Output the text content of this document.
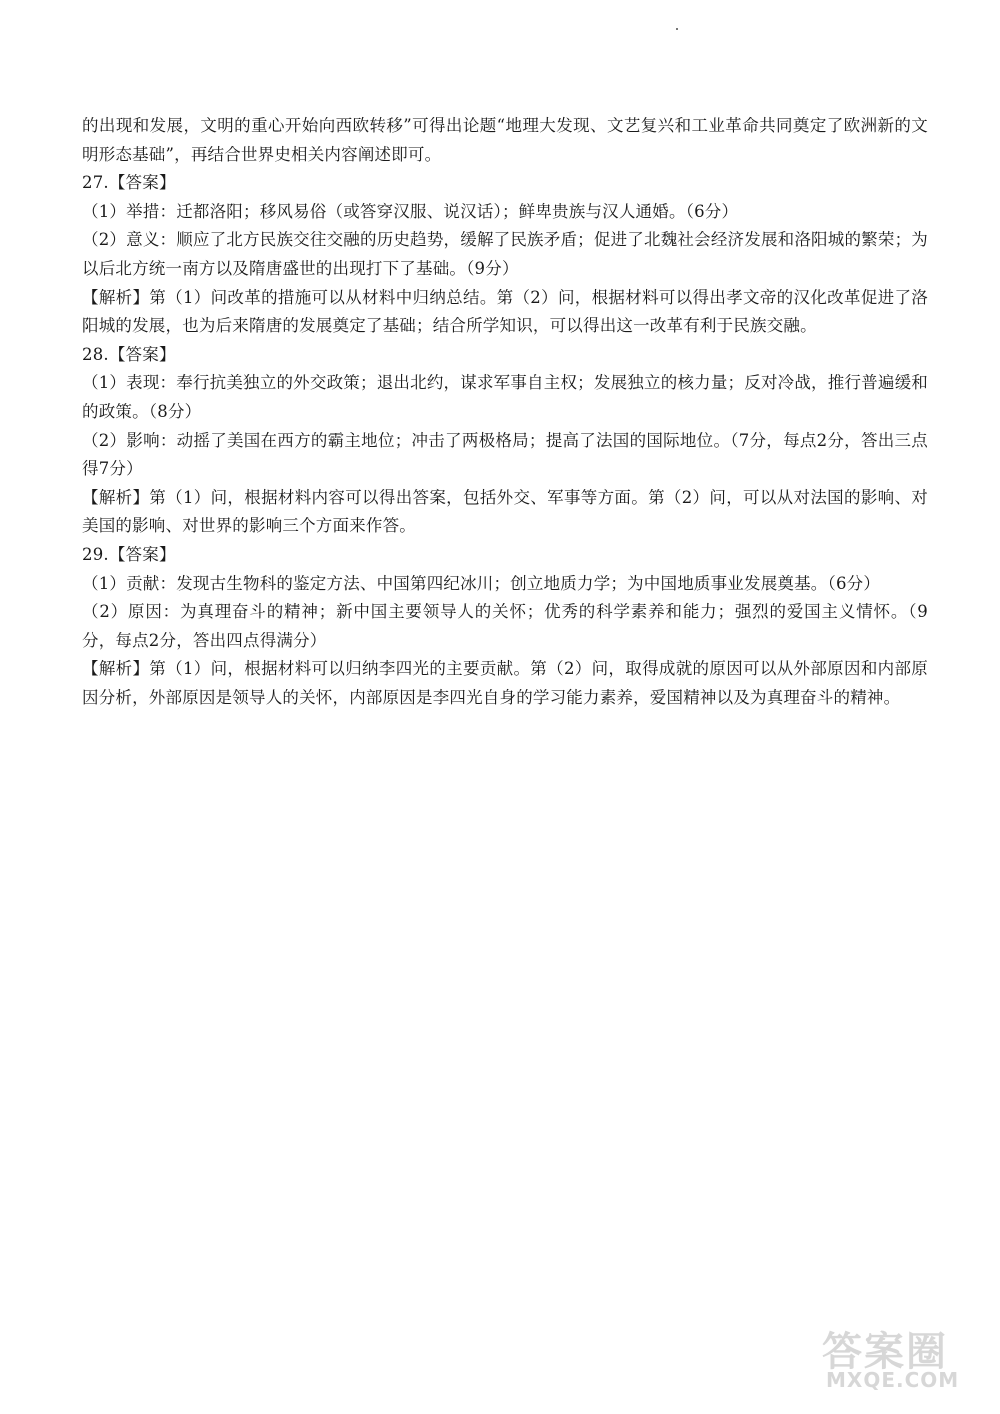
的出现和发展，文明的重心开始向西欧转移”可得出论题“地理大发现、文艺复兴和工业革命共同奠定了欧洲新的文明形态基础”，再结合世界史相关内容阐述即可。

27.【答案】

（1）举措：迁都洛阳；移风易俗（或答穿汉服、说汉话）；鲜卑贵族与汉人通婚。（6分）

（2）意义：顺应了北方民族交往交融的历史趋势，缓解了民族矛盾；促进了北魏社会经济发展和洛阳城的繁荣；为以后北方统一南方以及隋唐盛世的出现打下了基础。（9分）

【解析】第（1）问改革的措施可以从材料中归纳总结。第（2）问，根据材料可以得出孝文帝的汉化改革促进了洛阳城的发展，也为后来隋唐的发展奠定了基础；结合所学知识，可以得出这一改革有利于民族交融。

28.【答案】

（1）表现：奉行抗美独立的外交政策；退出北约，谋求军事自主权；发展独立的核力量；反对冷战，推行普遍缓和的政策。（8分）

（2）影响：动摇了美国在西方的霸主地位；冲击了两极格局；提高了法国的国际地位。（7分，每点2分，答出三点得7分）

【解析】第（1）问，根据材料内容可以得出答案，包括外交、军事等方面。第（2）问，可以从对法国的影响、对美国的影响、对世界的影响三个方面来作答。

29.【答案】

（1）贡献：发现古生物科的鉴定方法、中国第四纪冰川；创立地质力学；为中国地质事业发展奠基。（6分）

（2）原因：为真理奋斗的精神；新中国主要领导人的关怀；优秀的科学素养和能力；强烈的爱国主义情怀。（9分，每点2分，答出四点得满分）

【解析】第（1）问，根据材料可以归纳李四光的主要贡献。第（2）问，取得成就的原因可以从外部原因和内部原因分析，外部原因是领导人的关怀，内部原因是李四光自身的学习能力素养，爱国精神以及为真理奋斗的精神。

答案圈
MXQE.COM
